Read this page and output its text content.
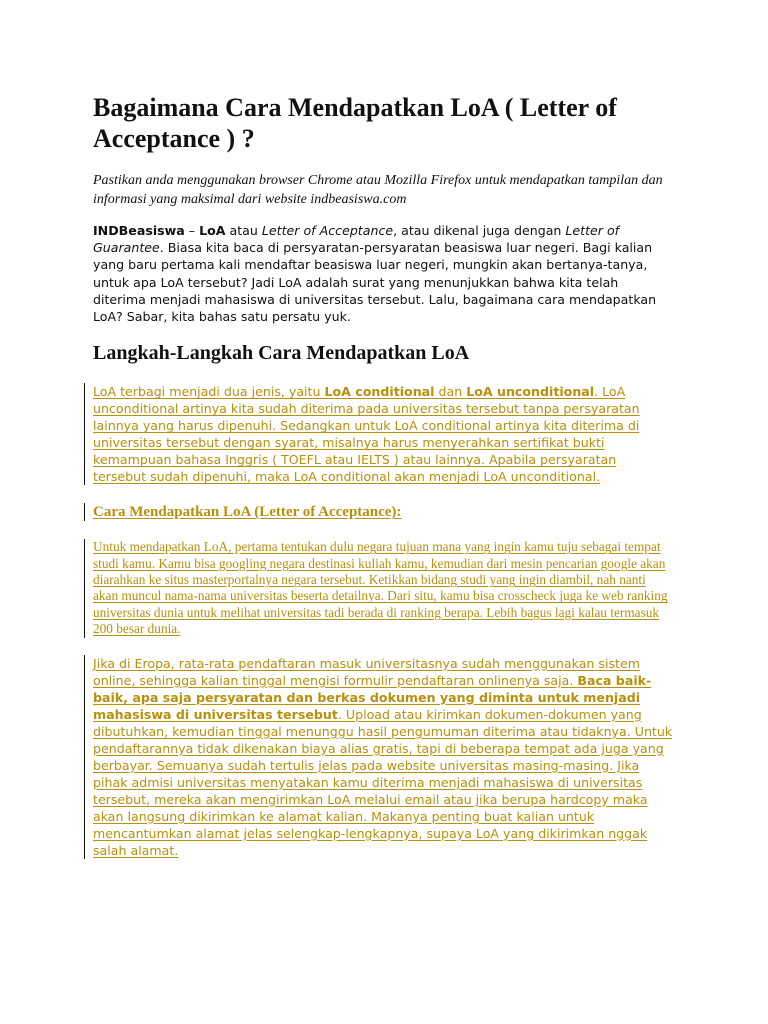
Bagaimana Cara Mendapatkan LoA ( Letter of Acceptance ) ?

Pastikan anda menggunakan browser Chrome atau Mozilla Firefox untuk mendapatkan tampilan dan informasi yang maksimal dari website indbeasiswa.com

INDBeasiswa – LoA atau Letter of Acceptance, atau dikenal juga dengan Letter of Guarantee. Biasa kita baca di persyaratan-persyaratan beasiswa luar negeri. Bagi kalian yang baru pertama kali mendaftar beasiswa luar negeri, mungkin akan bertanya-tanya, untuk apa LoA tersebut? Jadi LoA adalah surat yang menunjukkan bahwa kita telah diterima menjadi mahasiswa di universitas tersebut. Lalu, bagaimana cara mendapatkan LoA? Sabar, kita bahas satu persatu yuk.

Langkah-Langkah Cara Mendapatkan LoA
LoA terbagi menjadi dua jenis, yaitu LoA conditional dan LoA unconditional. LoA unconditional artinya kita sudah diterima pada universitas tersebut tanpa persyaratan lainnya yang harus dipenuhi. Sedangkan untuk LoA conditional artinya kita diterima di universitas tersebut dengan syarat, misalnya harus menyerahkan sertifikat bukti kemampuan bahasa Inggris ( TOEFL atau IELTS ) atau lainnya. Apabila persyaratan tersebut sudah dipenuhi, maka LoA conditional akan menjadi LoA unconditional.
Cara Mendapatkan LoA (Letter of Acceptance):
Untuk mendapatkan LoA, pertama tentukan dulu negara tujuan mana yang ingin kamu tuju sebagai tempat studi kamu. Kamu bisa googling negara destinasi kuliah kamu, kemudian dari mesin pencarian google akan diarahkan ke situs masterportalnya negara tersebut. Ketikkan bidang studi yang ingin diambil, nah nanti akan muncul nama-nama universitas beserta detailnya. Dari situ, kamu bisa crosscheck juga ke web ranking universitas dunia untuk melihat universitas tadi berada di ranking berapa. Lebih bagus lagi kalau termasuk 200 besar dunia.
Jika di Eropa, rata-rata pendaftaran masuk universitasnya sudah menggunakan sistem online, sehingga kalian tinggal mengisi formulir pendaftaran onlinenya saja. Baca baik-baik, apa saja persyaratan dan berkas dokumen yang diminta untuk menjadi mahasiswa di universitas tersebut. Upload atau kirimkan dokumen-dokumen yang dibutuhkan, kemudian tinggal menunggu hasil pengumuman diterima atau tidaknya. Untuk pendaftarannya tidak dikenakan biaya alias gratis, tapi di beberapa tempat ada juga yang berbayar. Semuanya sudah tertulis jelas pada website universitas masing-masing. Jika pihak admisi universitas menyatakan kamu diterima menjadi mahasiswa di universitas tersebut, mereka akan mengirimkan LoA melalui email atau jika berupa hardcopy maka akan langsung dikirimkan ke alamat kalian. Makanya penting buat kalian untuk mencantumkan alamat jelas selengkap-lengkapnya, supaya LoA yang dikirimkan nggak salah alamat.
